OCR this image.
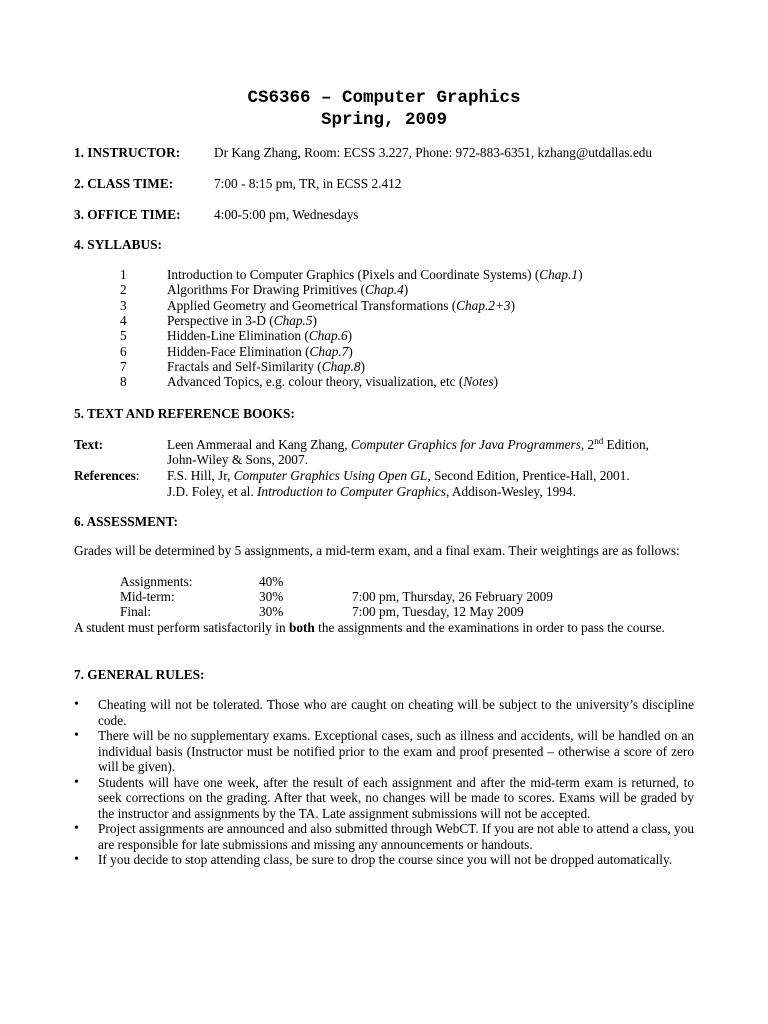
CS6366 – Computer Graphics
Spring, 2009
1. INSTRUCTOR:	Dr Kang Zhang, Room: ECSS 3.227, Phone: 972-883-6351, kzhang@utdallas.edu
2. CLASS TIME:	7:00 - 8:15 pm, TR, in ECSS 2.412
3. OFFICE TIME:	4:00-5:00 pm, Wednesdays
4. SYLLABUS:
1	Introduction to Computer Graphics (Pixels and Coordinate Systems) (Chap.1)
2	Algorithms For Drawing Primitives (Chap.4)
3	Applied Geometry and Geometrical Transformations (Chap.2+3)
4	Perspective in 3-D (Chap.5)
5	Hidden-Line Elimination (Chap.6)
6	Hidden-Face Elimination (Chap.7)
7	Fractals and Self-Similarity (Chap.8)
8	Advanced Topics, e.g. colour theory, visualization, etc (Notes)
5. TEXT AND REFERENCE BOOKS:
Text:	Leen Ammeraal and Kang Zhang, Computer Graphics for Java Programmers, 2nd Edition,
John-Wiley & Sons, 2007.
References: F.S. Hill, Jr, Computer Graphics Using Open GL, Second Edition, Prentice-Hall, 2001.
J.D. Foley, et al. Introduction to Computer Graphics, Addison-Wesley, 1994.
6. ASSESSMENT:
Grades will be determined by 5 assignments, a mid-term exam, and a final exam. Their weightings are as follows:
Assignments:	40%
Mid-term:	30%	7:00 pm, Thursday, 26 February 2009
Final:	30%	7:00 pm, Tuesday, 12 May 2009
A student must perform satisfactorily in both the assignments and the examinations in order to pass the course.
7. GENERAL RULES:
• Cheating will not be tolerated. Those who are caught on cheating will be subject to the university’s discipline code.
• There will be no supplementary exams. Exceptional cases, such as illness and accidents, will be handled on an individual basis (Instructor must be notified prior to the exam and proof presented – otherwise a score of zero will be given).
• Students will have one week, after the result of each assignment and after the mid-term exam is returned, to seek corrections on the grading. After that week, no changes will be made to scores. Exams will be graded by the instructor and assignments by the TA. Late assignment submissions will not be accepted.
• Project assignments are announced and also submitted through WebCT. If you are not able to attend a class, you are responsible for late submissions and missing any announcements or handouts.
• If you decide to stop attending class, be sure to drop the course since you will not be dropped automatically.
